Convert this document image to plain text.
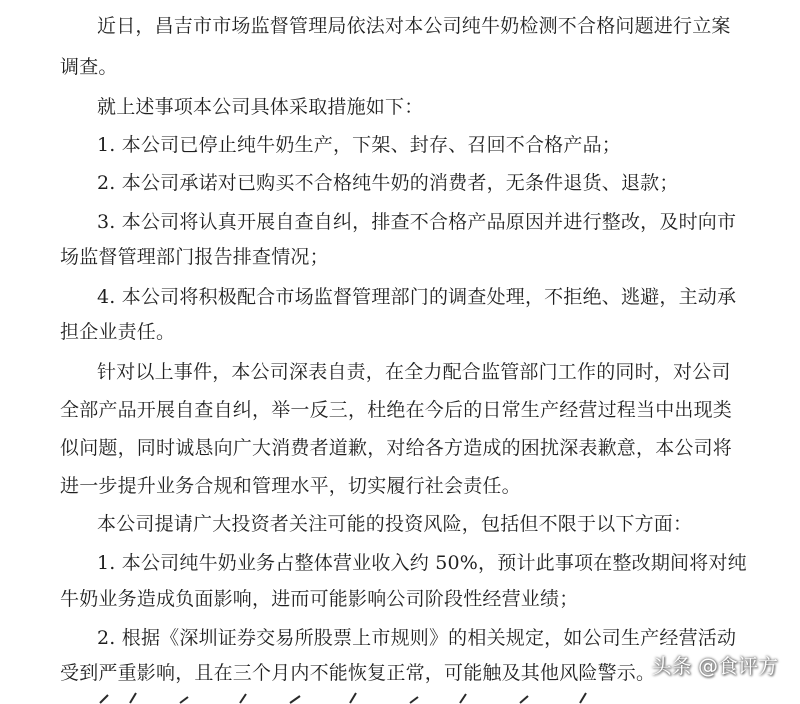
近日，昌吉市市场监督管理局依法对本公司纯牛奶检测不合格问题进行立案
调查。
就上述事项本公司具体采取措施如下：
1. 本公司已停止纯牛奶生产，下架、封存、召回不合格产品；
2. 本公司承诺对已购买不合格纯牛奶的消费者，无条件退货、退款；
3. 本公司将认真开展自查自纠，排查不合格产品原因并进行整改，及时向市
场监督管理部门报告排查情况；
4. 本公司将积极配合市场监督管理部门的调查处理，不拒绝、逃避，主动承
担企业责任。
针对以上事件，本公司深表自责，在全力配合监管部门工作的同时，对公司
全部产品开展自查自纠，举一反三，杜绝在今后的日常生产经营过程当中出现类
似问题，同时诚恳向广大消费者道歉，对给各方造成的困扰深表歉意，本公司将
进一步提升业务合规和管理水平，切实履行社会责任。
本公司提请广大投资者关注可能的投资风险，包括但不限于以下方面：
1. 本公司纯牛奶业务占整体营业收入约 50%，预计此事项在整改期间将对纯
牛奶业务造成负面影响，进而可能影响公司阶段性经营业绩；
2. 根据《深圳证券交易所股票上市规则》的相关规定，如公司生产经营活动
受到严重影响，且在三个月内不能恢复正常，可能触及其他风险警示。
头条 @食评方
